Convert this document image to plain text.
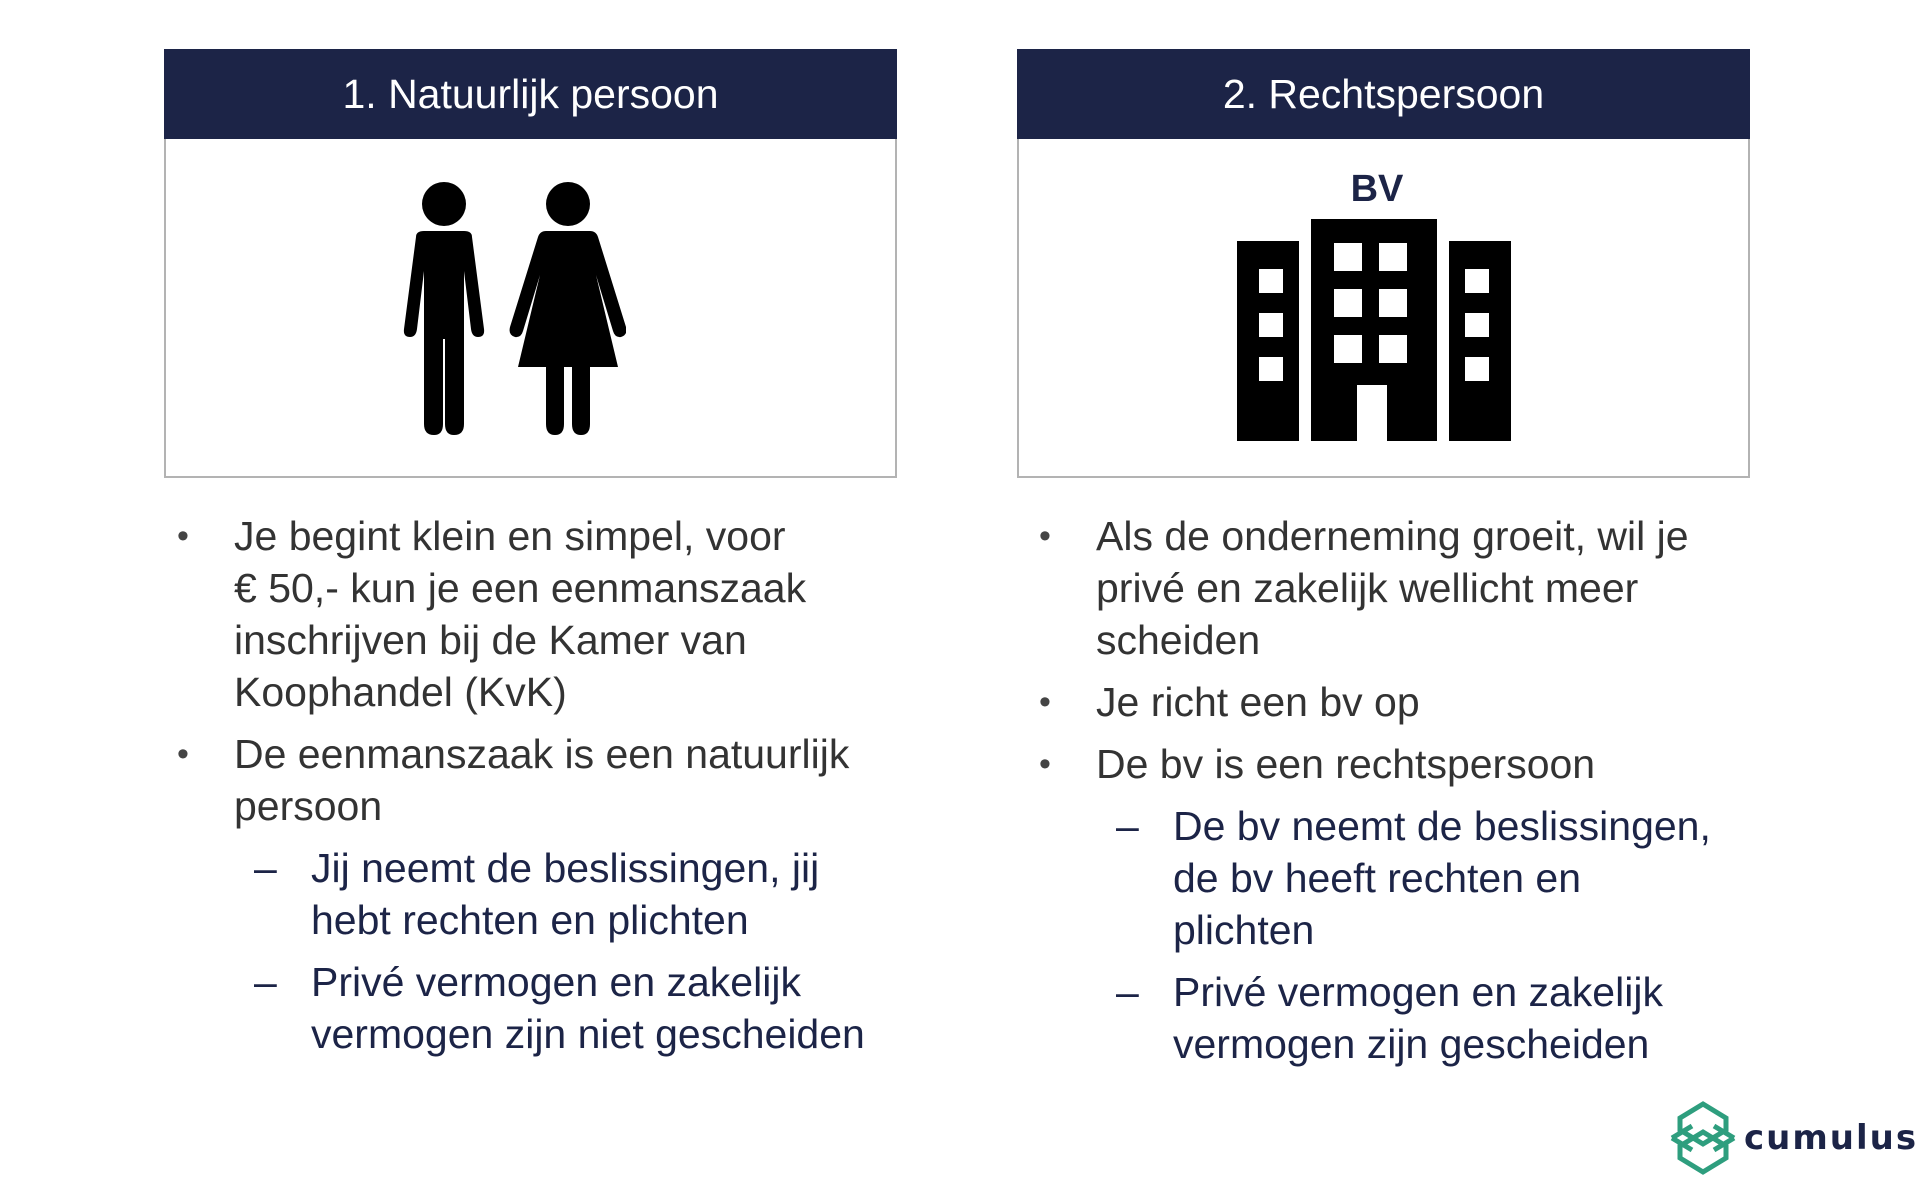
1. Natuurlijk persoon	2. Rechtspersoon
BV
• Je begint klein en simpel, voor
€ 50,- kun je een eenmanszaak
inschrijven bij de Kamer van
Koophandel (KvK)
• De eenmanszaak is een natuurlijk
persoon
– Jij neemt de beslissingen, jij
hebt rechten en plichten
– Privé vermogen en zakelijk
vermogen zijn niet gescheiden
• Als de onderneming groeit, wil je
privé en zakelijk wellicht meer
scheiden
• Je richt een bv op
• De bv is een rechtspersoon
– De bv neemt de beslissingen,
de bv heeft rechten en
plichten
– Privé vermogen en zakelijk
vermogen zijn gescheiden
cumulus
